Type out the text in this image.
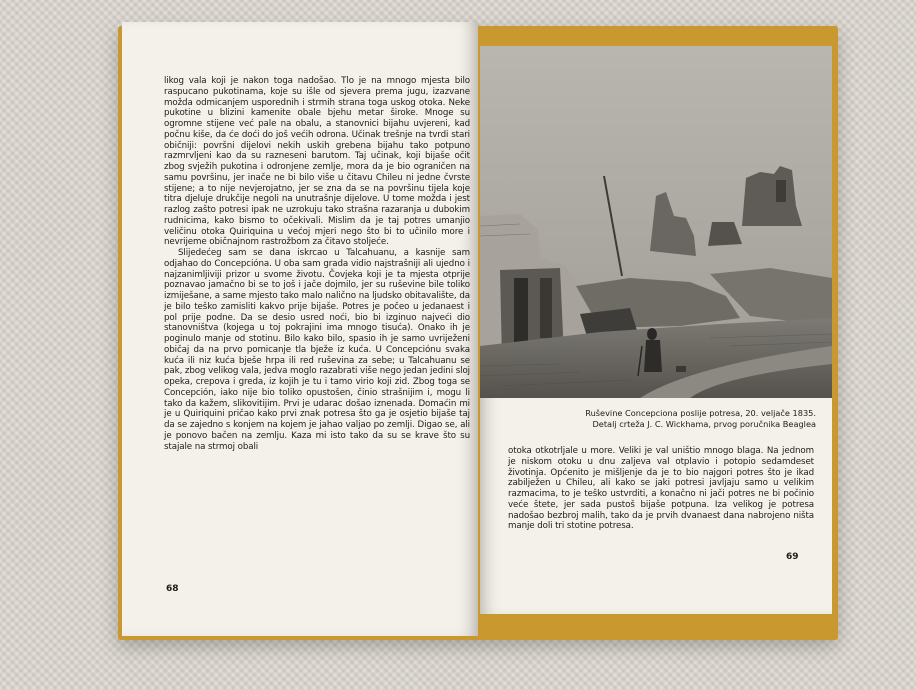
likog vala koji je nakon toga nadošao. Tlo je na mnogo mjesta bilo raspucano pukotinama, koje su išle od sjevera prema jugu, izazvane možda odmicanjem usporednih i strmih strana toga uskog otoka. Neke pukotine u blizini kamenite obale bjehu metar široke. Mnoge su ogromne stijene već pale na obalu, a stanovnici bijahu uvjereni, kad počnu kiše, da će doći do još većih odrona. Učinak trešnje na tvrdi stari običniji: površni dijelovi nekih uskih grebena bijahu tako potpuno razmrvljeni kao da su razneseni barutom. Taj učinak, koji bijaše očit zbog svježih pukotina i odronjene zemlje, mora da je bio ograničen na samu površinu, jer inače ne bi bilo više u čitavu Chileu ni jedne čvrste stijene; a to nije nevjerojatno, jer se zna da se na površinu tijela koje titra djeluje drukčije negoli na unutrašnje dijelove. U tome možda i jest razlog zašto potresi ipak ne uzrokuju tako strašna razaranja u dubokim rudnicima, kako bismo to očekivali. Mislim da je taj potres umanjio veličinu otoka Quiriquina u većoj mjeri nego što bi to učinilo more i nevrijeme običnajnom rastrožbom za čitavo stoljeće.

Slijedećeg sam se dana iskrcao u Talcahuanu, a kasnije sam odjahao do Concepcióna. U oba sam grada vidio najstrašniji ali ujedno i najzanimljiviji prizor u svome životu. Čovjeka koji je ta mjesta otprije poznavao jamačno bi se to još i jače dojmilo, jer su ruševine bile toliko izmiješane, a same mjesto tako malo nalično na ljudsko obitavalište, da je bilo teško zamisliti kakvo prije bijaše. Potres je počeo u jedanaest i pol prije podne. Da se desio usred noći, bio bi izginuo najveći dio stanovništva (kojega u toj pokrajini ima mnogo tisuća). Onako ih je poginulo manje od stotinu. Bilo kako bilo, spasio ih je samo uvriježeni običaj da na prvo pomicanje tla bježe iz kuća. U Concepciónu svaka kuća ili niz kuća bješe hrpa ili red ruševina za sebe; u Talcahuanu se pak, zbog velikog vala, jedva moglo razabrati više nego jedan jedini sloj opeka, crepova i greda, iz kojih je tu i tamo virio koji zid. Zbog toga se Concepción, iako nije bio toliko opustošen, činio strašnijim i, mogu li tako da kažem, slikovitijim. Prvi je udarac došao iznenada. Domaćin mi je u Quiriquini pričao kako prvi znak potresa što ga je osjetio bijaše taj da se zajedno s konjem na kojem je jahao valjao po zemlji. Digao se, ali je ponovo bačen na zemlju. Kaza mi isto tako da su se krave što su stajale na strmoj obali

68
Ruševine Concepciona poslije potresa, 20. veljače 1835.
Detalj crteža J. C. Wickhama, prvog poručnika Beaglea

otoka otkotrljale u more. Veliki je val uništio mnogo blaga. Na jednom je niskom otoku u dnu zaljeva val otplavio i potopio sedamdeset životinja. Općenito je mišljenje da je to bio najgori potres što je ikad zabilježen u Chileu, ali kako se jaki potresi javljaju samo u velikim razmacima, to je teško ustvrditi, a konačno ni jači potres ne bi počinio veće štete, jer sada pustoš bijaše potpuna. Iza velikog je potresa nadošao bezbroj malih, tako da je prvih dvanaest dana nabrojeno ništa manje doli tri stotine potresa.

69
